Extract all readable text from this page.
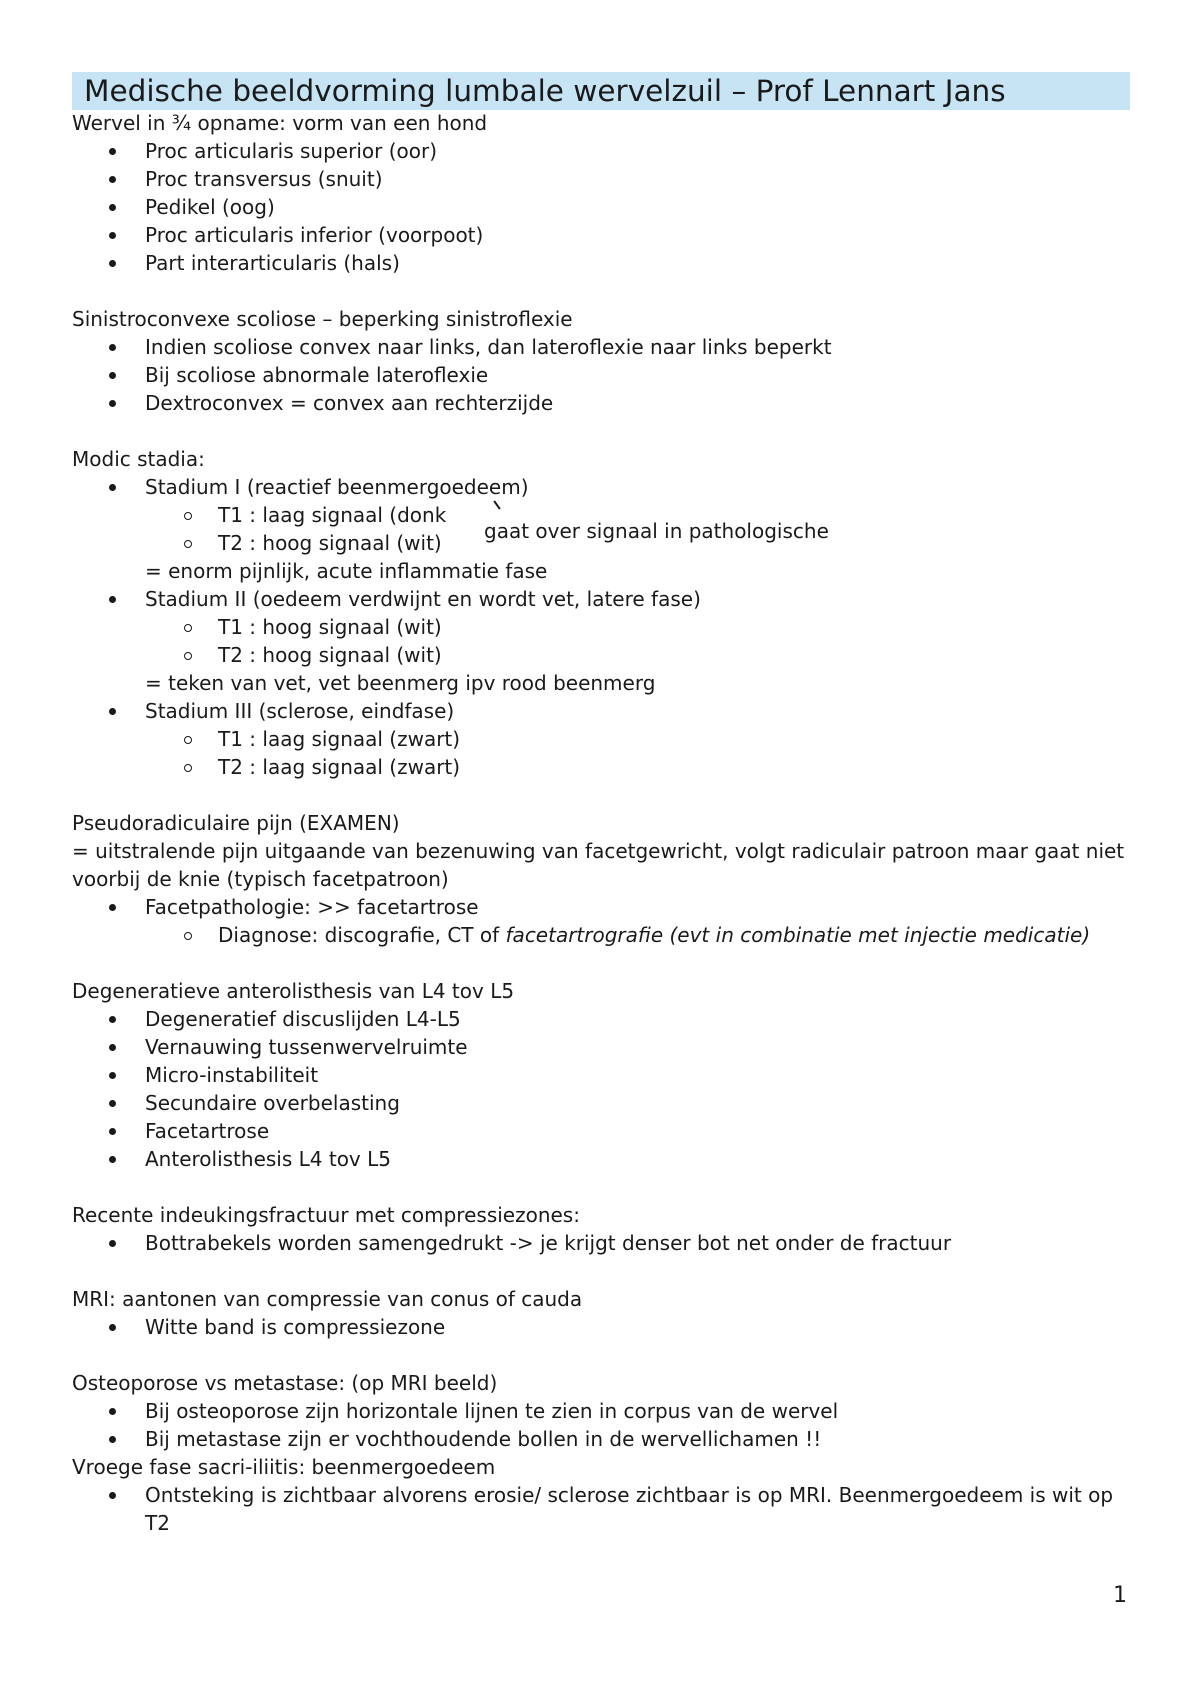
Medische beeldvorming lumbale wervelzuil – Prof Lennart Jans
Wervel in ¾ opname: vorm van een hond
Proc articularis superior (oor)
Proc transversus (snuit)
Pedikel (oog)
Proc articularis inferior (voorpoot)
Part interarticularis (hals)
Sinistroconvexe scoliose – beperking sinistroflexie
Indien scoliose convex naar links, dan lateroflexie naar links beperkt
Bij scoliose abnormale lateroflexie
Dextroconvex = convex aan rechterzijde
Modic stadia:
Stadium I (reactief beenmergoedeem)
T1 : laag signaal (donk
T2 : hoog signaal (wit)
= enorm pijnlijk, acute inflammatie fase
Stadium II (oedeem verdwijnt en wordt vet, latere fase)
T1 : hoog signaal (wit)
T2 : hoog signaal (wit)
= teken van vet, vet beenmerg ipv rood beenmerg
Stadium III (sclerose, eindfase)
T1 : laag signaal (zwart)
T2 : laag signaal (zwart)
Pseudoradiculaire pijn (EXAMEN)
= uitstralende pijn uitgaande van bezenuwing van facetgewricht, volgt radiculair patroon maar gaat niet voorbij de knie (typisch facetpatroon)
Facetpathologie: >> facetartrose
Diagnose: discografie, CT of facetartrografie (evt in combinatie met injectie medicatie)
Degeneratieve anterolisthesis van L4 tov L5
Degeneratief discuslijden L4-L5
Vernauwing tussenwervelruimte
Micro-instabiliteit
Secundaire overbelasting
Facetartrose
Anterolisthesis L4 tov L5
Recente indeukingsfractuur met compressiezones:
Bottrabekels worden samengedrukt -> je krijgt denser bot net onder de fractuur
MRI: aantonen van compressie van conus of cauda
Witte band is compressiezone
Osteoporose vs metastase: (op MRI beeld)
Bij osteoporose zijn horizontale lijnen te zien in corpus van de wervel
Bij metastase zijn er vochthoudende bollen in de wervellichamen !!
Vroege fase sacri-iliitis: beenmergoedeem
Ontsteking is zichtbaar alvorens erosie/ sclerose zichtbaar is op MRI. Beenmergoedeem is wit op T2
gaat over signaal in pathologische
1
